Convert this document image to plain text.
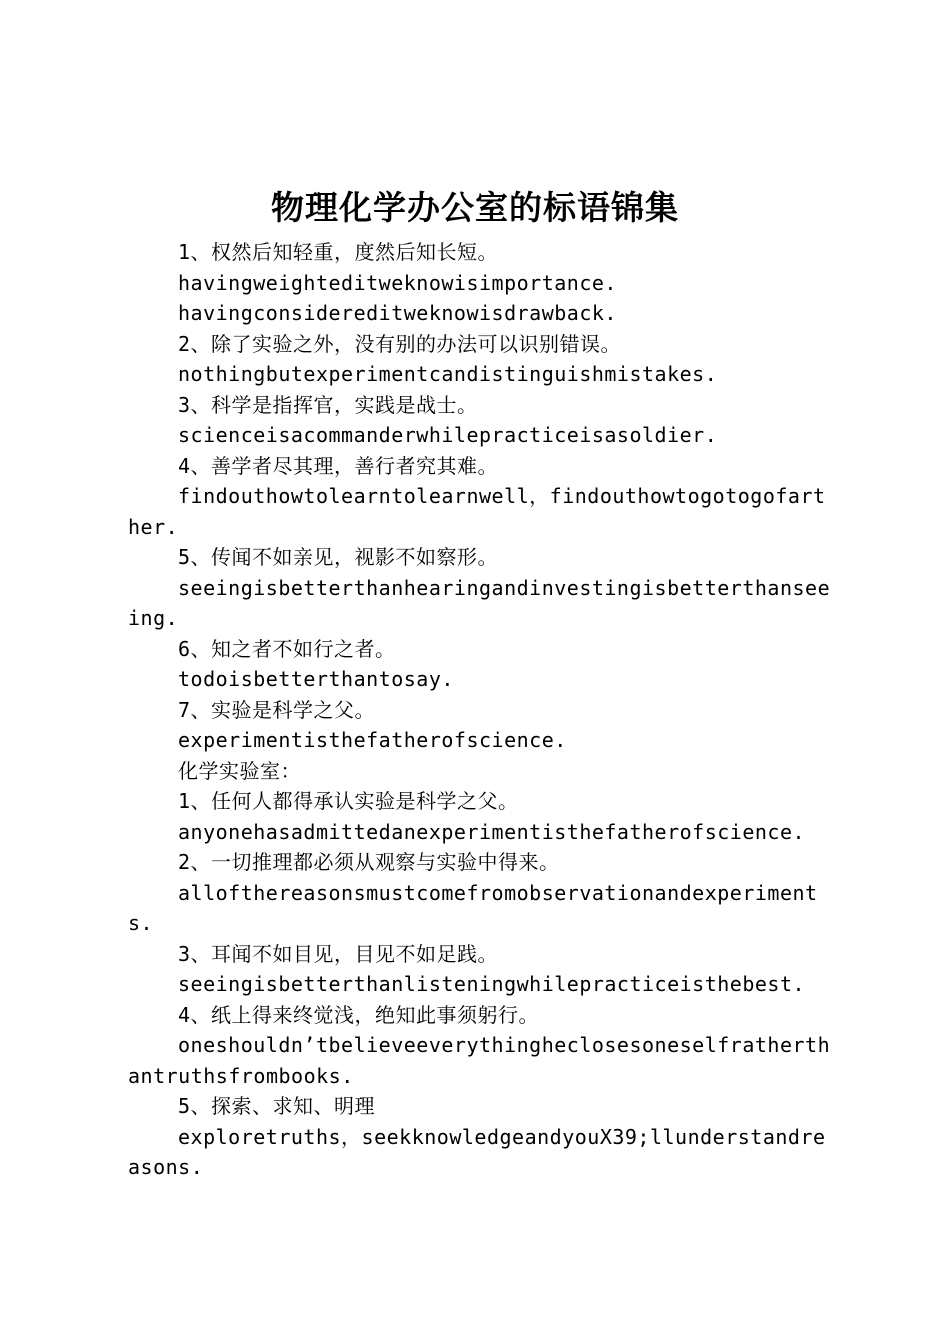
物理化学办公室的标语锦集

1、权然后知轻重，度然后知长短。

havingweighteditweknowisimportance.

havingconsidereditweknowisdrawback.

2、除了实验之外，没有别的办法可以识别错误。

nothingbutexperimentcandistinguishmistakes.

3、科学是指挥官，实践是战士。

scienceisacommanderwhilepracticeisasoldier.

4、善学者尽其理，善行者究其难。

findouthowtolearntolearnwell，findouthowtogotogofarther.

5、传闻不如亲见，视影不如察形。

seeingisbetterthanhearingandinvestingisbetterthanseeing.

6、知之者不如行之者。

todoisbetterthantosay.

7、实验是科学之父。

experimentisthefatherofscience.

化学实验室：

1、任何人都得承认实验是科学之父。

anyonehasadmittedanexperimentisthefatherofscience.

2、一切推理都必须从观察与实验中得来。

allofthereasonsmustcomefromobservationandexperiments.

3、耳闻不如目见，目见不如足践。

seeingisbetterthanlisteningwhilepracticeisthebest.

4、纸上得来终觉浅，绝知此事须躬行。

oneshouldn’tbelieveeverythingheclosesoneselfratherthantruthsfrombooks.

5、探索、求知、明理

exploretruths，seekknowledgeandyouX39;llunderstandreasons.
